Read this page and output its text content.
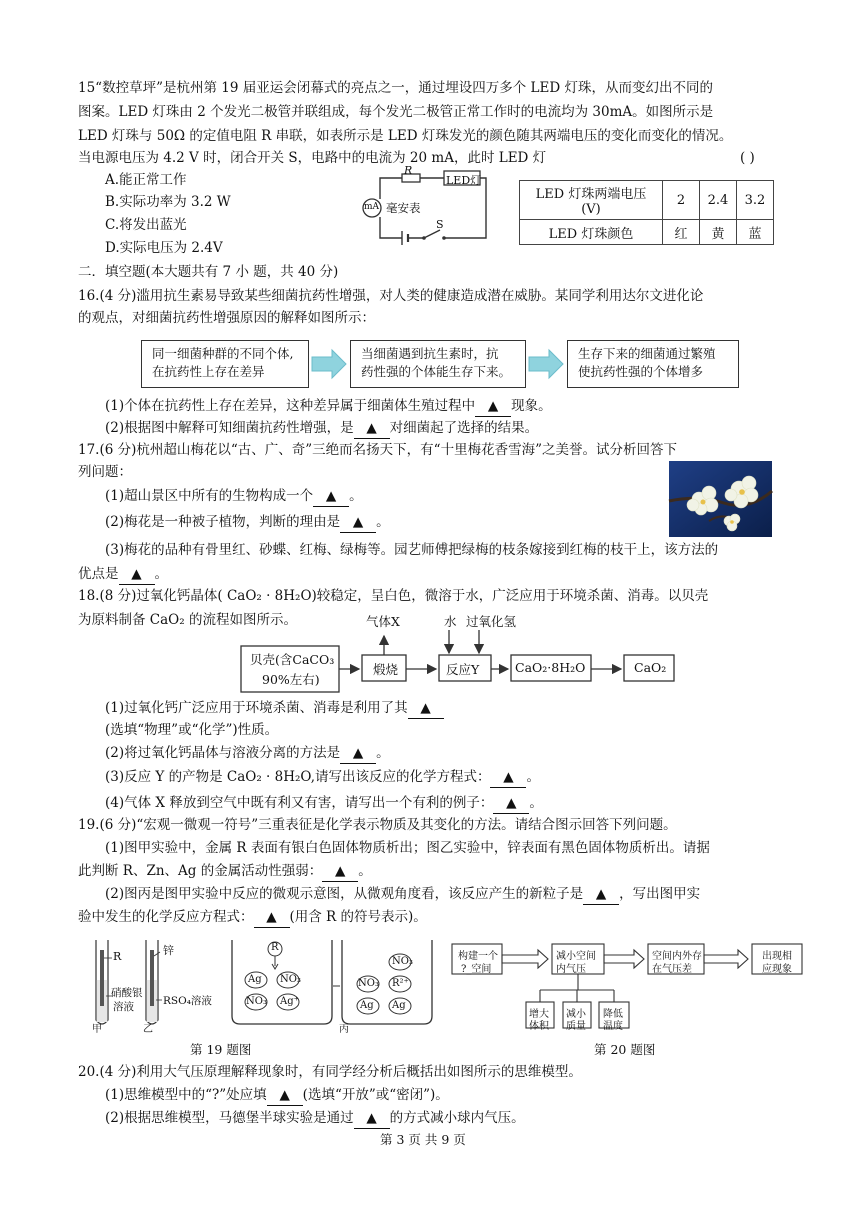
15“数控草坪”是杭州第 19 届亚运会闭幕式的亮点之一，通过埋设四万多个 LED 灯珠，从而变幻出不同的
图案。LED 灯珠由 2 个发光二极管并联组成，每个发光二极管正常工作时的电流均为 30mA。如图所示是
LED 灯珠与 50Ω 的定值电阻 R 串联，如表所示是 LED 灯珠发光的颜色随其两端电压的变化而变化的情况。
当电源电压为 4.2 V 时，闭合开关 S，电路中的电流为 20 mA，此时 LED 灯	( )
A.能正常工作
B.实际功率为 3.2 W
C.将发出蓝光
D.实际电压为 2.4V
R
LED灯
mA 毫安表
S
LED 灯珠两端电压(V)	2	2.4	3.2
LED 灯珠颜色	红	黄	蓝
二．填空题(本大题共有 7 小 题，共 40 分)
16.(4 分)滥用抗生素易导致某些细菌抗药性增强，对人类的健康造成潜在威胁。某同学利用达尔文进化论
的观点，对细菌抗药性增强原因的解释如图所示：
同一细菌种群的不同个体,
在抗药性上存在差异
当细菌遇到抗生素时，抗
药性强的个体能生存下来。
生存下来的细菌通过繁殖
使抗药性强的个体增多
(1)个体在抗药性上存在差异，这种差异属于细菌体生殖过程中 ▲ 现象。
(2)根据图中解释可知细菌抗药性增强，是 ▲ 对细菌起了选择的结果。
17.(6 分)杭州超山梅花以“古、广、奇”三绝而名扬天下，有“十里梅花香雪海”之美誉。试分析回答下
列问题：
(1)超山景区中所有的生物构成一个 ▲ 。
(2)梅花是一种被子植物，判断的理由是 ▲ 。
(3)梅花的品种有骨里红、砂蝶、红梅、绿梅等。园艺师傅把绿梅的枝条嫁接到红梅的枝干上，该方法的
优点是 ▲ 。
18.(8 分)过氧化钙晶体( CaO₂ · 8H₂O)较稳定，呈白色，微溶于水，广泛应用于环境杀菌、消毒。以贝壳
为原料制备 CaO₂ 的流程如图所示。	气体X	水 过氧化氢
贝壳(含CaCO₃
90%左右)
煅烧	反应Y	CaO₂·8H₂O	CaO₂
(1)过氧化钙广泛应用于环境杀菌、消毒是利用了其 ▲
(选填“物理”或“化学”)性质。
(2)将过氧化钙晶体与溶液分离的方法是 ▲ 。
(3)反应 Y 的产物是 CaO₂ · 8H₂O,请写出该反应的化学方程式： ▲ 。
(4)气体 X 释放到空气中既有利又有害，请写出一个有利的例子： ▲ 。
19.(6 分)“宏观一微观一符号”三重表征是化学表示物质及其变化的方法。请结合图示回答下列问题。
(1)图甲实验中，金属 R 表面有银白色固体物质析出；图乙实验中，锌表面有黑色固体物质析出。请据
此判断 R、Zn、Ag 的金属活动性强弱： ▲ 。
(2)图丙是图甲实验中反应的微观示意图，从微观角度看，该反应产生的新粒子是 ▲ ，写出图甲实
验中发生的化学反应方程式： ▲ (用含 R 的符号表示)。
R
硝酸银
溶液
甲
锌
RSO₄溶液
乙
R
Ag NO₃
NO₃ Ag⁺
NO₃
NO₃ R²⁺
Ag Ag
丙
第 19 题图
构建一个
?_空间
减小空间
内气压
空间内外存
在气压差
出现相
应现象
增大
体积
减小
质量
降低
温度
第 20 题图
20.(4 分)利用大气压原理解释现象时，有同学经分析后概括出如图所示的思维模型。
(1)思维模型中的“?”处应填 ▲ (选填“开放”或“密闭”)。
(2)根据思维模型，马德堡半球实验是通过 ▲ 的方式减小球内气压。
第 3 页 共 9 页
